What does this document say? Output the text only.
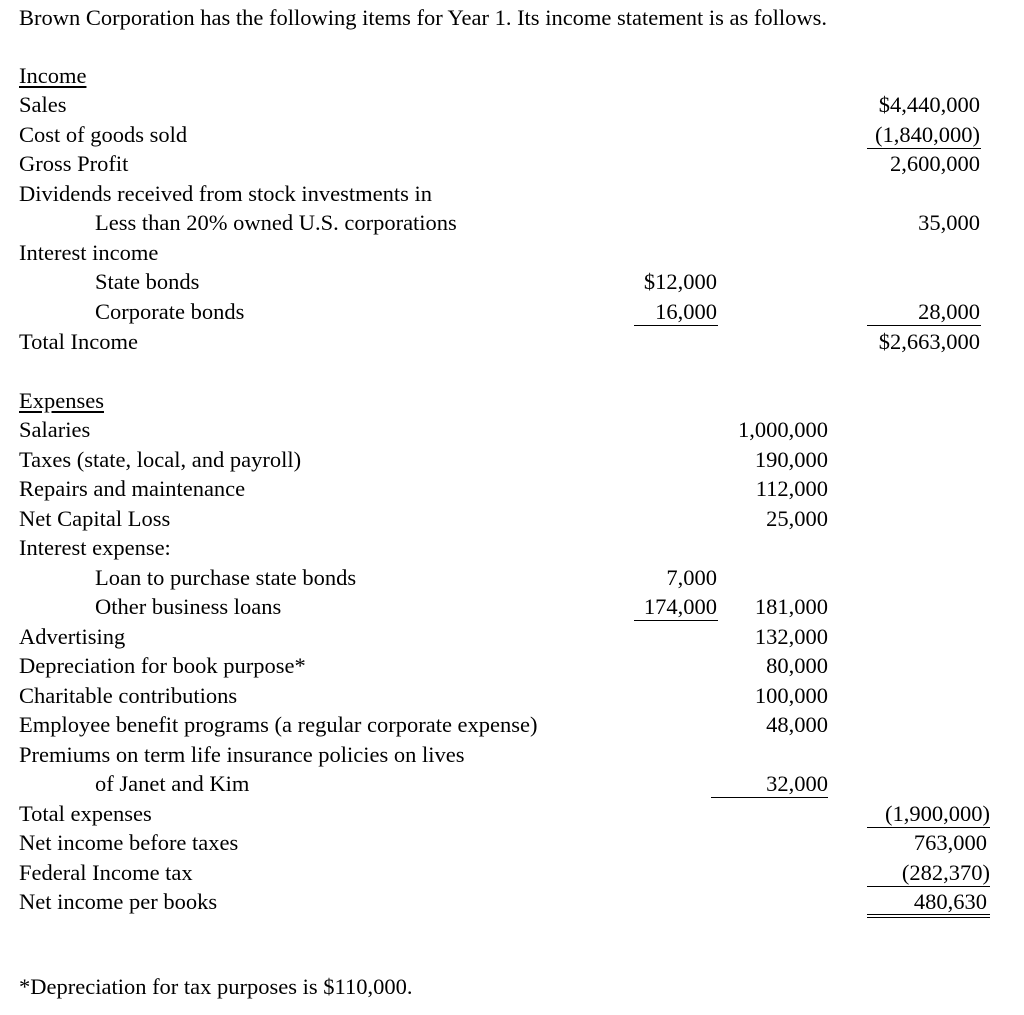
Brown Corporation has the following items for Year 1. Its income statement is as follows.
Income
Sales	$4,440,000
Cost of goods sold	(1,840,000)
Gross Profit	2,600,000
Dividends received from stock investments in
Less than 20% owned U.S. corporations	35,000
Interest income
State bonds	$12,000
Corporate bonds	16,000	28,000
Total Income	$2,663,000
Expenses
Salaries	1,000,000
Taxes (state, local, and payroll)	190,000
Repairs and maintenance	112,000
Net Capital Loss	25,000
Interest expense:
Loan to purchase state bonds	7,000
Other business loans	174,000 181,000
Advertising	132,000
Depreciation for book purpose*	80,000
Charitable contributions	100,000
Employee benefit programs (a regular corporate expense)	48,000
Premiums on term life insurance policies on lives
of Janet and Kim	32,000
Total expenses	(1,900,000)
Net income before taxes	763,000
Federal Income tax	(282,370)
Net income per books	480,630
*Depreciation for tax purposes is $110,000.
